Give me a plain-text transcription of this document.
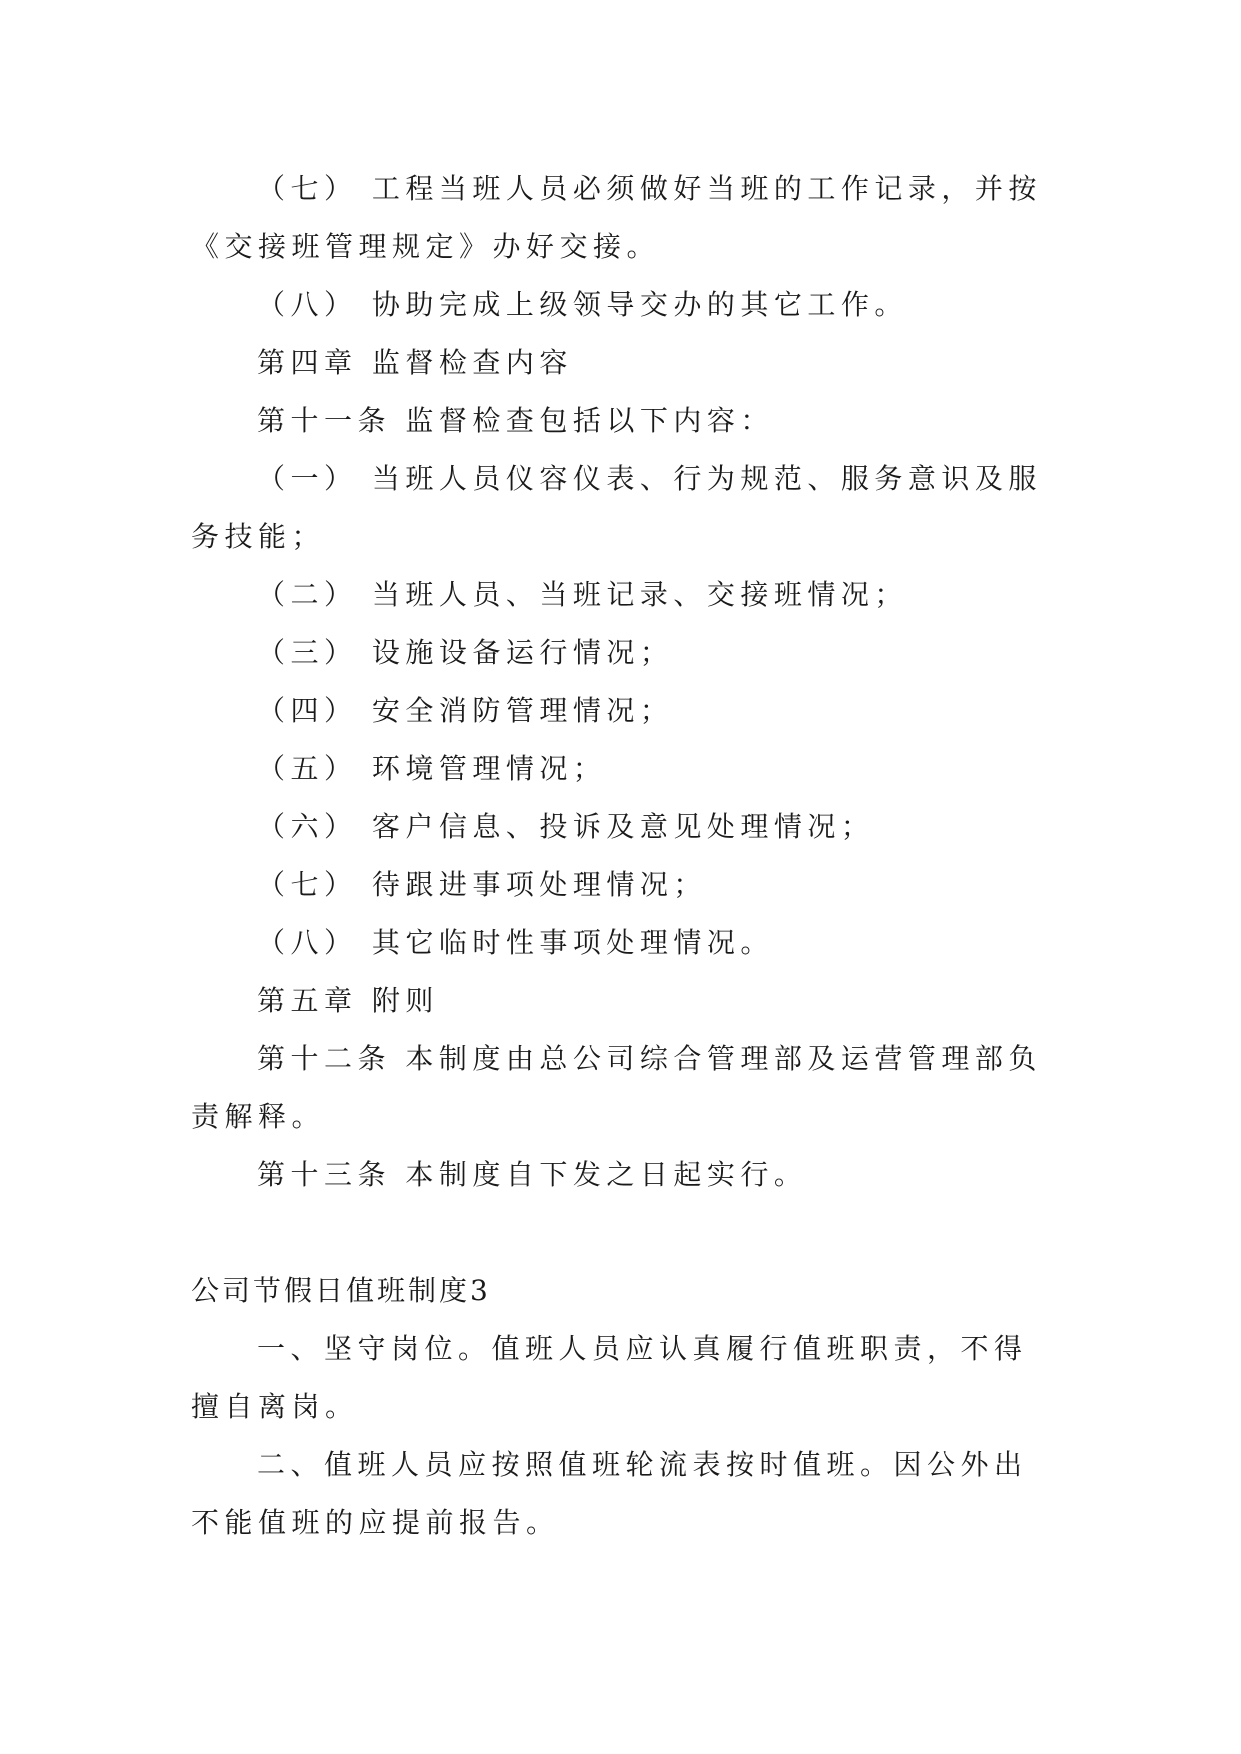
（七） 工程当班人员必须做好当班的工作记录，并按《交接班管理规定》办好交接。

（八） 协助完成上级领导交办的其它工作。

第四章 监督检查内容

第十一条 监督检查包括以下内容：

（一） 当班人员仪容仪表、行为规范、服务意识及服务技能；

（二） 当班人员、当班记录、交接班情况；

（三） 设施设备运行情况；

（四） 安全消防管理情况；

（五） 环境管理情况；

（六） 客户信息、投诉及意见处理情况；

（七） 待跟进事项处理情况；

（八） 其它临时性事项处理情况。

第五章 附则

第十二条 本制度由总公司综合管理部及运营管理部负责解释。

第十三条 本制度自下发之日起实行。

公司节假日值班制度3

一、坚守岗位。值班人员应认真履行值班职责，不得擅自离岗。

二、值班人员应按照值班轮流表按时值班。因公外出不能值班的应提前报告。
